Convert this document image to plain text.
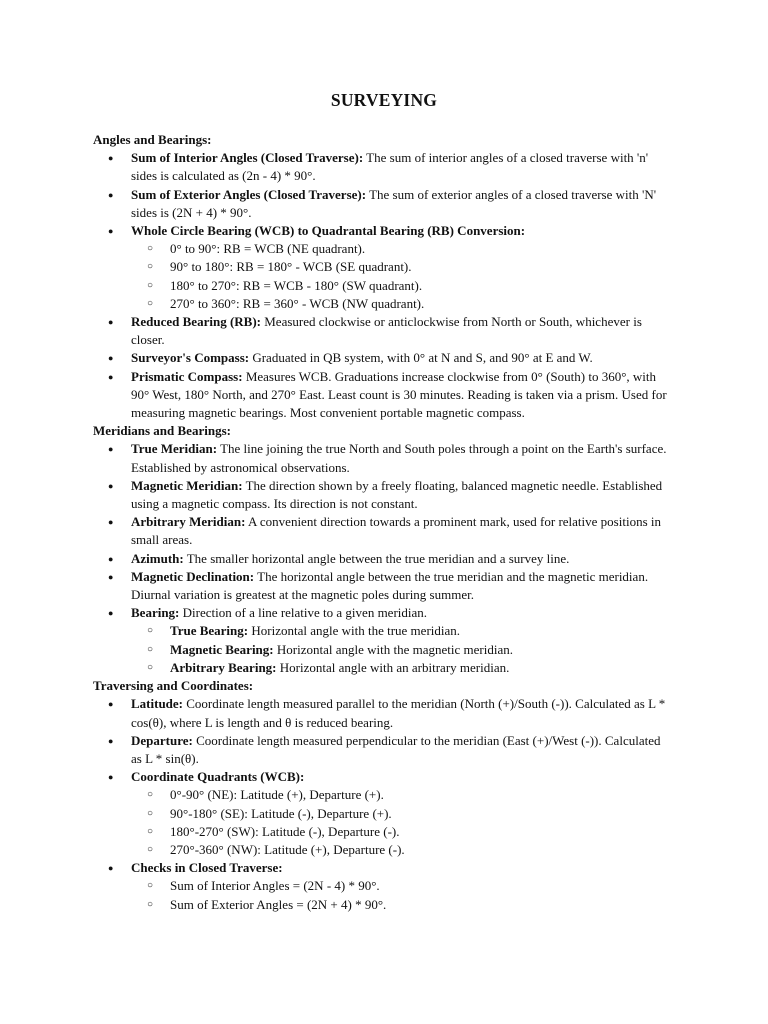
SURVEYING

Angles and Bearings:

● Sum of Interior Angles (Closed Traverse): The sum of interior angles of a closed traverse with 'n' sides is calculated as (2n - 4) * 90°.
● Sum of Exterior Angles (Closed Traverse): The sum of exterior angles of a closed traverse with 'N' sides is (2N + 4) * 90°.
● Whole Circle Bearing (WCB) to Quadrantal Bearing (RB) Conversion:
○ 0° to 90°: RB = WCB (NE quadrant).
○ 90° to 180°: RB = 180° - WCB (SE quadrant).
○ 180° to 270°: RB = WCB - 180° (SW quadrant).
○ 270° to 360°: RB = 360° - WCB (NW quadrant).
● Reduced Bearing (RB): Measured clockwise or anticlockwise from North or South, whichever is closer.
● Surveyor's Compass: Graduated in QB system, with 0° at N and S, and 90° at E and W.
● Prismatic Compass: Measures WCB. Graduations increase clockwise from 0° (South) to 360°, with 90° West, 180° North, and 270° East. Least count is 30 minutes. Reading is taken via a prism. Used for measuring magnetic bearings. Most convenient portable magnetic compass.

Meridians and Bearings:

● True Meridian: The line joining the true North and South poles through a point on the Earth's surface. Established by astronomical observations.
● Magnetic Meridian: The direction shown by a freely floating, balanced magnetic needle. Established using a magnetic compass. Its direction is not constant.
● Arbitrary Meridian: A convenient direction towards a prominent mark, used for relative positions in small areas.
● Azimuth: The smaller horizontal angle between the true meridian and a survey line.
● Magnetic Declination: The horizontal angle between the true meridian and the magnetic meridian. Diurnal variation is greatest at the magnetic poles during summer.
● Bearing: Direction of a line relative to a given meridian.
○ True Bearing: Horizontal angle with the true meridian.
○ Magnetic Bearing: Horizontal angle with the magnetic meridian.
○ Arbitrary Bearing: Horizontal angle with an arbitrary meridian.

Traversing and Coordinates:

● Latitude: Coordinate length measured parallel to the meridian (North (+)/South (-)). Calculated as L * cos(θ), where L is length and θ is reduced bearing.
● Departure: Coordinate length measured perpendicular to the meridian (East (+)/West (-)). Calculated as L * sin(θ).
● Coordinate Quadrants (WCB):
○ 0°-90° (NE): Latitude (+), Departure (+).
○ 90°-180° (SE): Latitude (-), Departure (+).
○ 180°-270° (SW): Latitude (-), Departure (-).
○ 270°-360° (NW): Latitude (+), Departure (-).
● Checks in Closed Traverse:
○ Sum of Interior Angles = (2N - 4) * 90°.
○ Sum of Exterior Angles = (2N + 4) * 90°.
